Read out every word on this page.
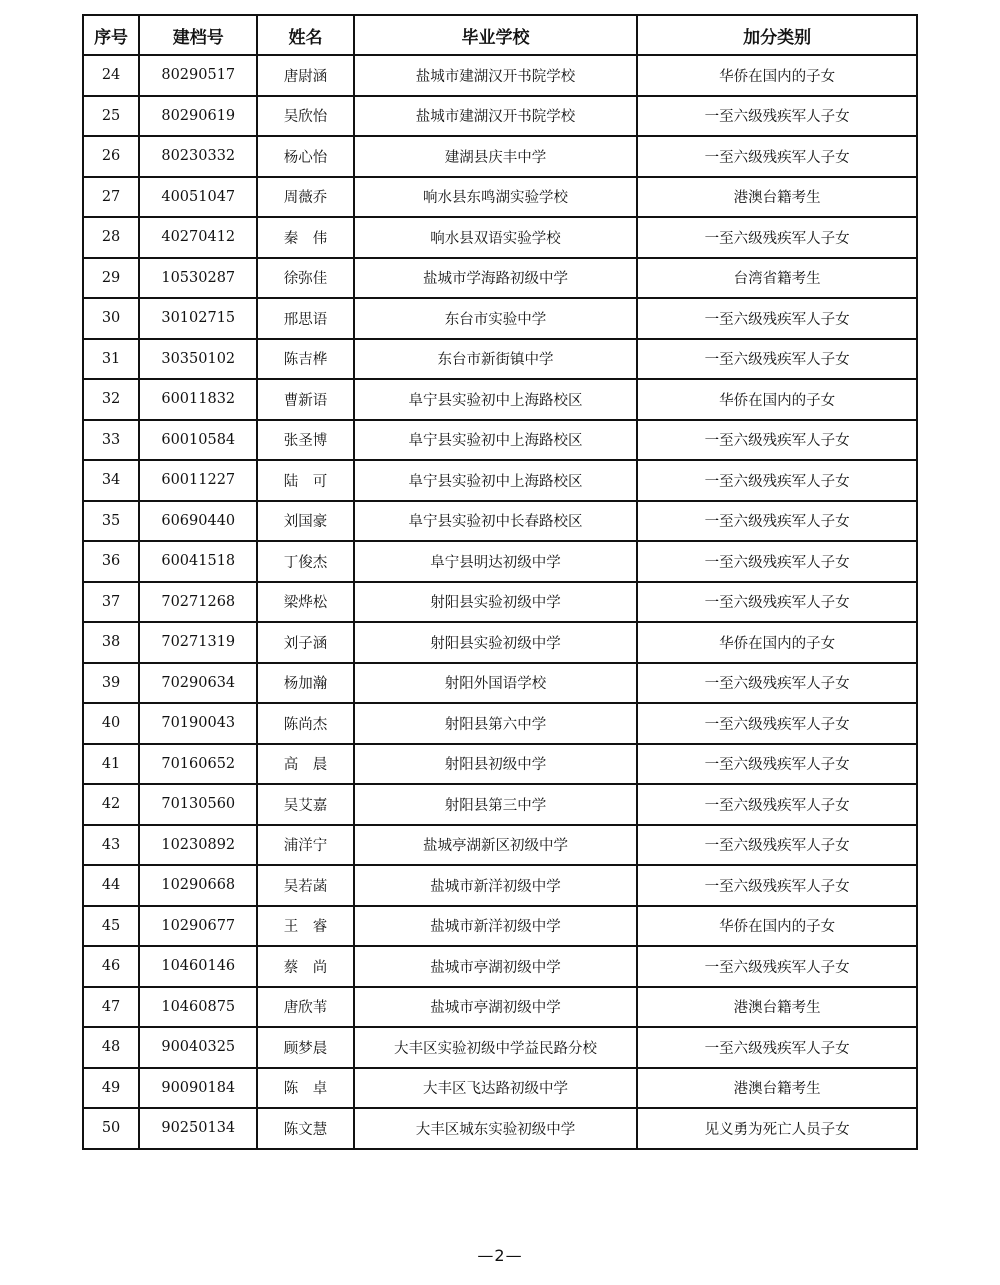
序号	建档号	姓名	毕业学校	加分类别
24	80290517	唐尉涵	盐城市建湖汉开书院学校	华侨在国内的子女
25	80290619	吴欣怡	盐城市建湖汉开书院学校	一至六级残疾军人子女
26	80230332	杨心怡	建湖县庆丰中学	一至六级残疾军人子女
27	40051047	周薇乔	响水县东鸣湖实验学校	港澳台籍考生
28	40270412	秦　伟	响水县双语实验学校	一至六级残疾军人子女
29	10530287	徐弥佳	盐城市学海路初级中学	台湾省籍考生
30	30102715	邢思语	东台市实验中学	一至六级残疾军人子女
31	30350102	陈吉桦	东台市新街镇中学	一至六级残疾军人子女
32	60011832	曹新语	阜宁县实验初中上海路校区	华侨在国内的子女
33	60010584	张圣博	阜宁县实验初中上海路校区	一至六级残疾军人子女
34	60011227	陆　可	阜宁县实验初中上海路校区	一至六级残疾军人子女
35	60690440	刘国豪	阜宁县实验初中长春路校区	一至六级残疾军人子女
36	60041518	丁俊杰	阜宁县明达初级中学	一至六级残疾军人子女
37	70271268	梁烨松	射阳县实验初级中学	一至六级残疾军人子女
38	70271319	刘子涵	射阳县实验初级中学	华侨在国内的子女
39	70290634	杨加瀚	射阳外国语学校	一至六级残疾军人子女
40	70190043	陈尚杰	射阳县第六中学	一至六级残疾军人子女
41	70160652	高　晨	射阳县初级中学	一至六级残疾军人子女
42	70130560	吴艾嘉	射阳县第三中学	一至六级残疾军人子女
43	10230892	浦洋宁	盐城亭湖新区初级中学	一至六级残疾军人子女
44	10290668	吴若菡	盐城市新洋初级中学	一至六级残疾军人子女
45	10290677	王　睿	盐城市新洋初级中学	华侨在国内的子女
46	10460146	蔡　尚	盐城市亭湖初级中学	一至六级残疾军人子女
47	10460875	唐欣苇	盐城市亭湖初级中学	港澳台籍考生
48	90040325	顾梦晨	大丰区实验初级中学益民路分校	一至六级残疾军人子女
49	90090184	陈　卓	大丰区飞达路初级中学	港澳台籍考生
50	90250134	陈文慧	大丰区城东实验初级中学	见义勇为死亡人员子女
—2—
